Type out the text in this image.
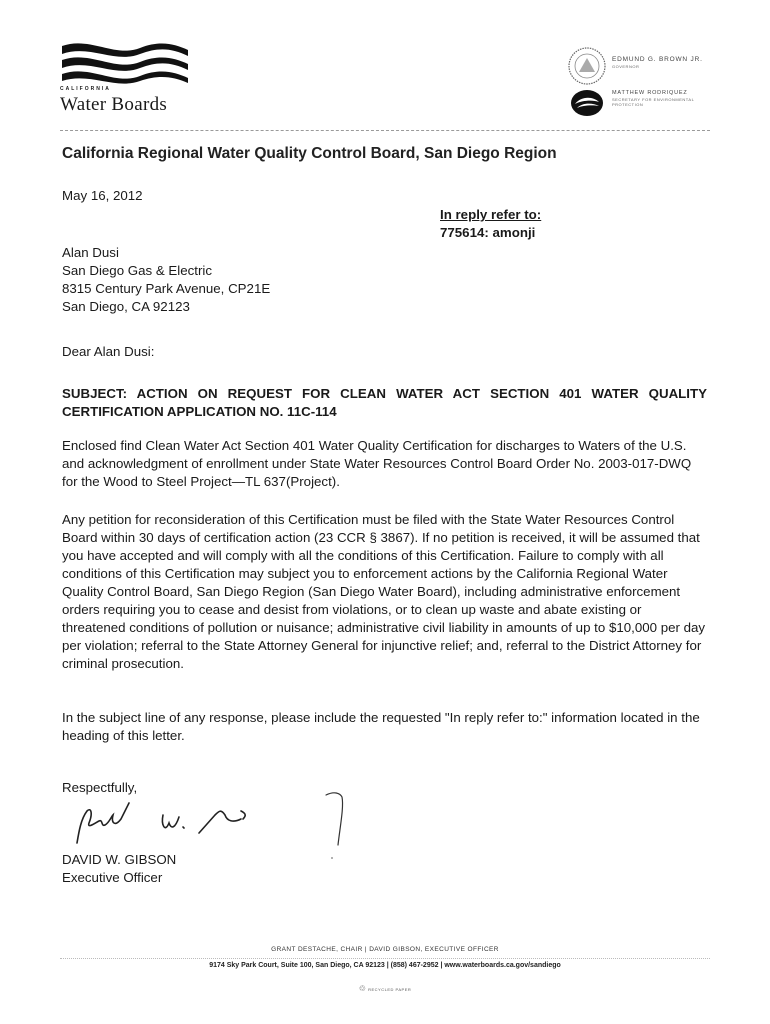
CALIFORNIA
Water Boards
EDMUND G. BROWN JR.
GOVERNOR
MATTHEW RODRIQUEZ
SECRETARY FOR ENVIRONMENTAL PROTECTION
California Regional Water Quality Control Board, San Diego Region
May 16, 2012
In reply refer to:
775614: amonji
Alan Dusi
San Diego Gas & Electric
8315 Century Park Avenue, CP21E
San Diego, CA 92123
Dear Alan Dusi:
SUBJECT: ACTION ON REQUEST FOR CLEAN WATER ACT SECTION 401 WATER QUALITY CERTIFICATION APPLICATION NO. 11C-114
Enclosed find Clean Water Act Section 401 Water Quality Certification for discharges to Waters of the U.S. and acknowledgment of enrollment under State Water Resources Control Board Order No. 2003-017-DWQ for the Wood to Steel Project—TL 637(Project).
Any petition for reconsideration of this Certification must be filed with the State Water Resources Control Board within 30 days of certification action (23 CCR § 3867). If no petition is received, it will be assumed that you have accepted and will comply with all the conditions of this Certification. Failure to comply with all conditions of this Certification may subject you to enforcement actions by the California Regional Water Quality Control Board, San Diego Region (San Diego Water Board), including administrative enforcement orders requiring you to cease and desist from violations, or to clean up waste and abate existing or threatened conditions of pollution or nuisance; administrative civil liability in amounts of up to $10,000 per day per violation; referral to the State Attorney General for injunctive relief; and, referral to the District Attorney for criminal prosecution.
In the subject line of any response, please include the requested "In reply refer to:" information located in the heading of this letter.
Respectfully,
DAVID W. GIBSON
Executive Officer
GRANT DESTACHE, CHAIR | DAVID GIBSON, EXECUTIVE OFFICER
9174 Sky Park Court, Suite 100, San Diego, CA 92123 | (858) 467-2952 | www.waterboards.ca.gov/sandiego
♲ RECYCLED PAPER
